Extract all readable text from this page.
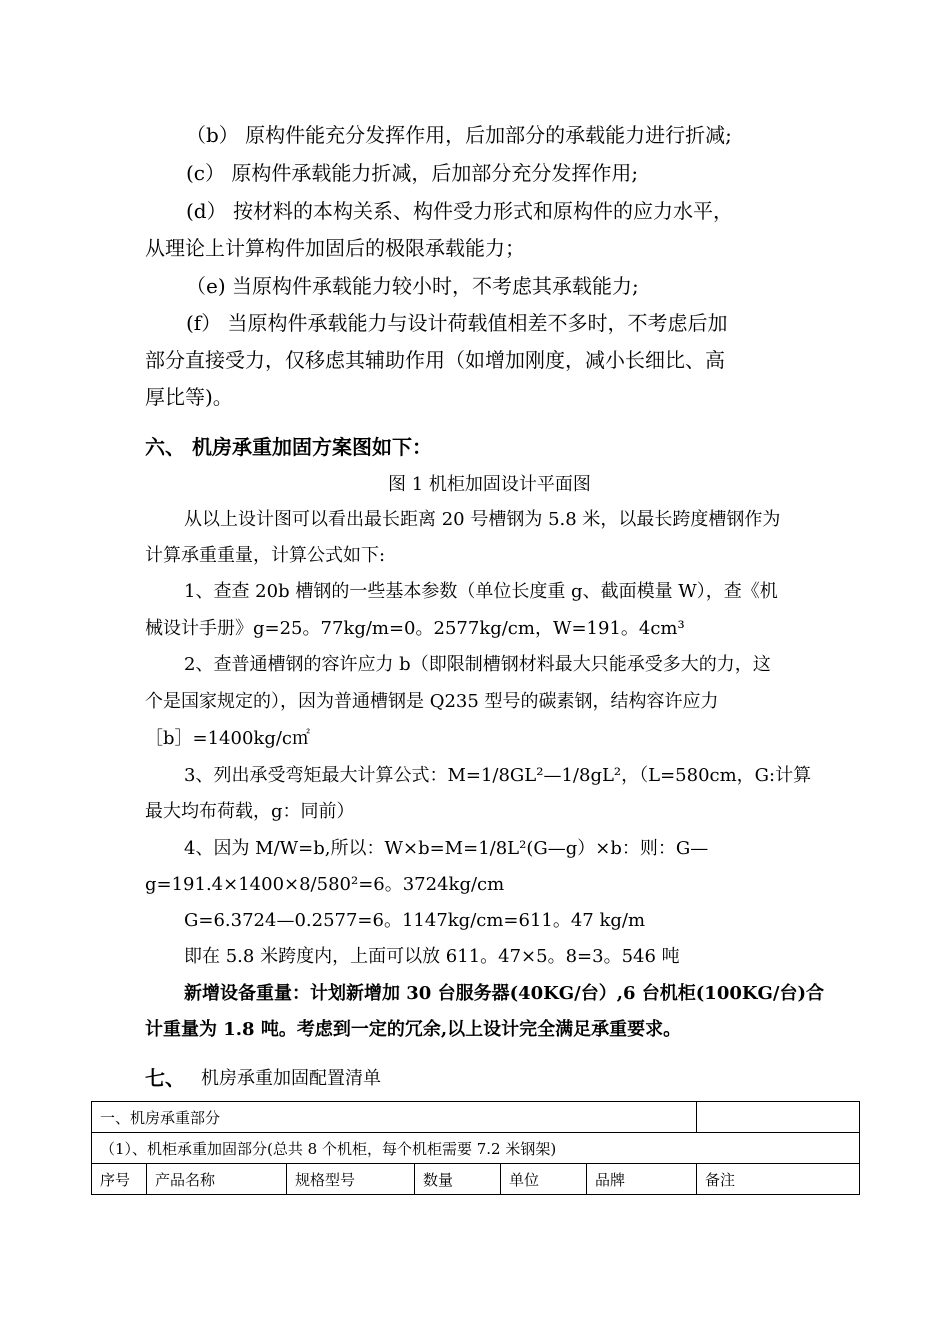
（b） 原构件能充分发挥作用，后加部分的承载能力进行折减;
(c） 原构件承载能力折减，后加部分充分发挥作用;
(d） 按材料的本构关系、构件受力形式和原构件的应力水平，
从理论上计算构件加固后的极限承载能力；
（e) 当原构件承载能力较小时，不考虑其承载能力;
(f） 当原构件承载能力与设计荷载值相差不多时，不考虑后加
部分直接受力，仅移虑其辅助作用（如增加刚度，减小长细比、高
厚比等)。
六、 机房承重加固方案图如下：
图 1 机柜加固设计平面图
从以上设计图可以看出最长距离 20 号槽钢为 5.8 米，以最长跨度槽钢作为
计算承重重量，计算公式如下:
1、查查 20b 槽钢的一些基本参数（单位长度重 g、截面模量 W），查《机
械设计手册》g=25。77kg/m=0。2577kg/cm，W=191。4cm³
2、查普通槽钢的容许应力 b（即限制槽钢材料最大只能承受多大的力，这
个是国家规定的），因为普通槽钢是 Q235 型号的碳素钢，结构容许应力
［b］=1400kg/c㎡
3、列出承受弯矩最大计算公式：M=1/8GL²—1/8gL²，（L=580cm，G:计算
最大均布荷载，g：同前）
4、因为 M/W=b,所以：W×b=M=1/8L²(G—g）×b：则：G—
g=191.4×1400×8/580²=6。3724kg/cm
G=6.3724—0.2577=6。1147kg/cm=611。47 kg/m
即在 5.8 米跨度内，上面可以放 611。47×5。8=3。546 吨
新增设备重量：计划新增加 30 台服务器(40KG/台）,6 台机柜(100KG/台)合
计重量为 1.8 吨。考虑到一定的冗余,以上设计完全满足承重要求。
七、 机房承重加固配置清单
一、机房承重部分						
（1）、机柜承重加固部分(总共 8 个机柜，每个机柜需要 7.2 米钢架)						
序号	产品名称	规格型号	数量	单位	品牌	备注
